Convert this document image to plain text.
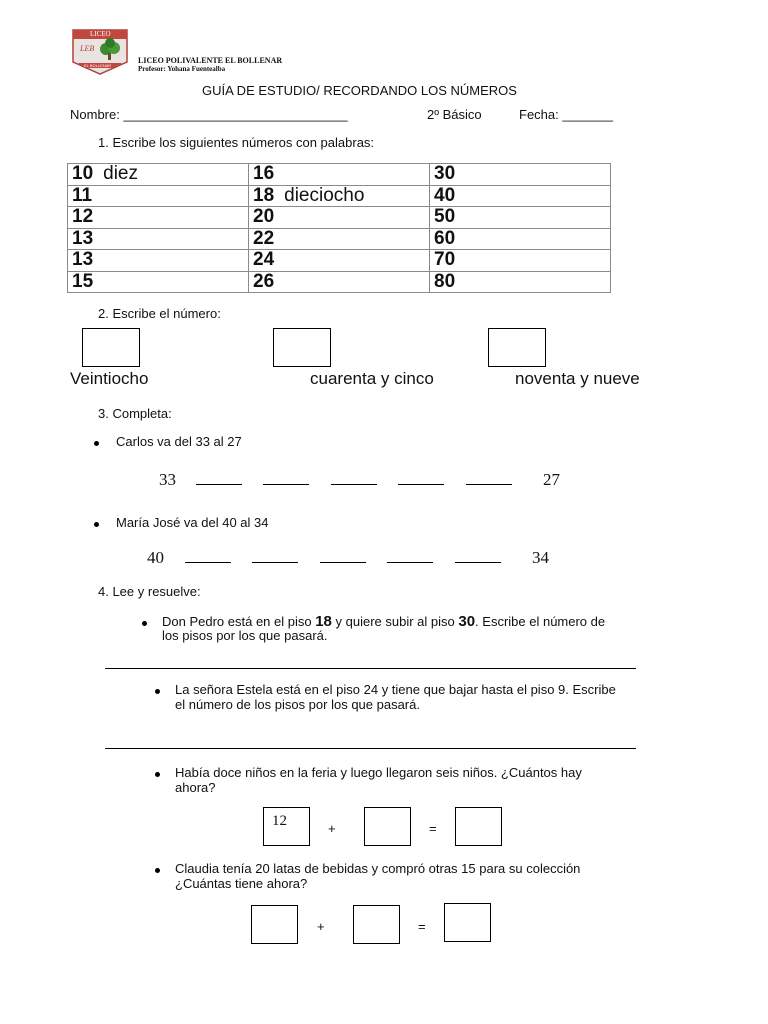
LICEO
LEB
EL BOLLENAR
LICEO POLIVALENTE EL BOLLENAR
Profesor: Yohana Fuentealba
GUÍA DE ESTUDIO/ RECORDANDO LOS NÚMEROS
Nombre: _______________________________	2º Básico	Fecha: _______
1. Escribe los siguientes números con palabras:
10 diez	16	30
11	18 dieciocho	40
12	20	50
13	22	60
13	24	70
15	26	80
2. Escribe el número:
Veintiocho	cuarenta y cinco	noventa y nueve
3. Completa:
Carlos va del 33 al 27
33	27
María José va del 40 al 34
40	34
4. Lee y resuelve:
Don Pedro está en el piso 18 y quiere subir al piso 30. Escribe el número de
los pisos por los que pasará.
La señora Estela está en el piso 24 y tiene que bajar hasta el piso 9. Escribe
el número de los pisos por los que pasará.
Había doce niños en la feria y luego llegaron seis niños. ¿Cuántos hay
ahora?
12	+	=
Claudia tenía 20 latas de bebidas y compró otras 15 para su colección
¿Cuántas tiene ahora?
+	=
